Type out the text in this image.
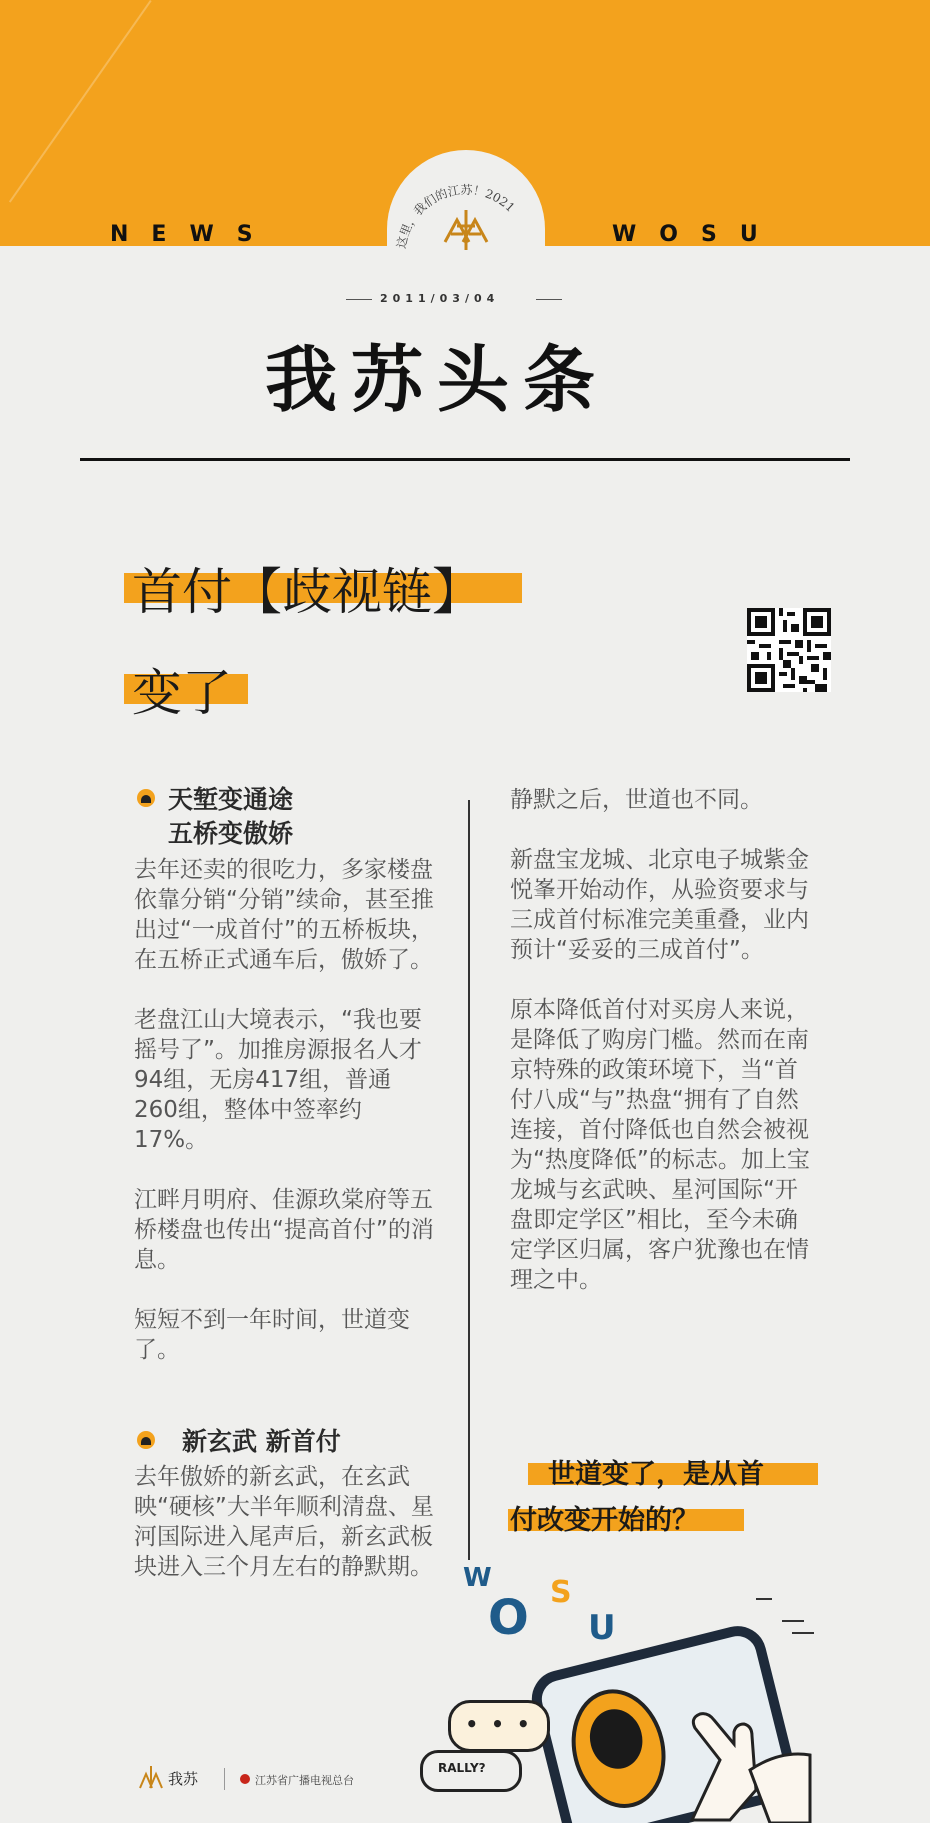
NEWS	WOSU
这里，我们的江苏！2021
2011/03/04
我苏头条
首付【歧视链】
变了
天堑变通途
五桥变傲娇

去年还卖的很吃力，多家楼盘依靠分销“分销”续命，甚至推出过“一成首付”的五桥板块，在五桥正式通车后，傲娇了。

老盘江山大境表示，“我也要摇号了”。加推房源报名人才94组，无房417组，普通260组，整体中签率约17%。

江畔月明府、佳源玖棠府等五桥楼盘也传出“提高首付”的消息。

短短不到一年时间，世道变了。

新玄武 新首付

去年傲娇的新玄武，在玄武映“硬核”大半年顺利清盘、星河国际进入尾声后，新玄武板块进入三个月左右的静默期。

静默之后，世道也不同。

新盘宝龙城、北京电子城紫金悦峯开始动作，从验资要求与三成首付标准完美重叠，业内预计“妥妥的三成首付”。

原本降低首付对买房人来说，是降低了购房门槛。然而在南京特殊的政策环境下，当“首付八成“与”热盘“拥有了自然连接，首付降低也自然会被视为“热度降低”的标志。加上宝龙城与玄武映、星河国际“开盘即定学区”相比，至今未确定学区归属，客户犹豫也在情理之中。

世道变了，是从首
付改变开始的？
W
O S
U
• • •
RALLY?
我苏	江苏省广播电视总台
